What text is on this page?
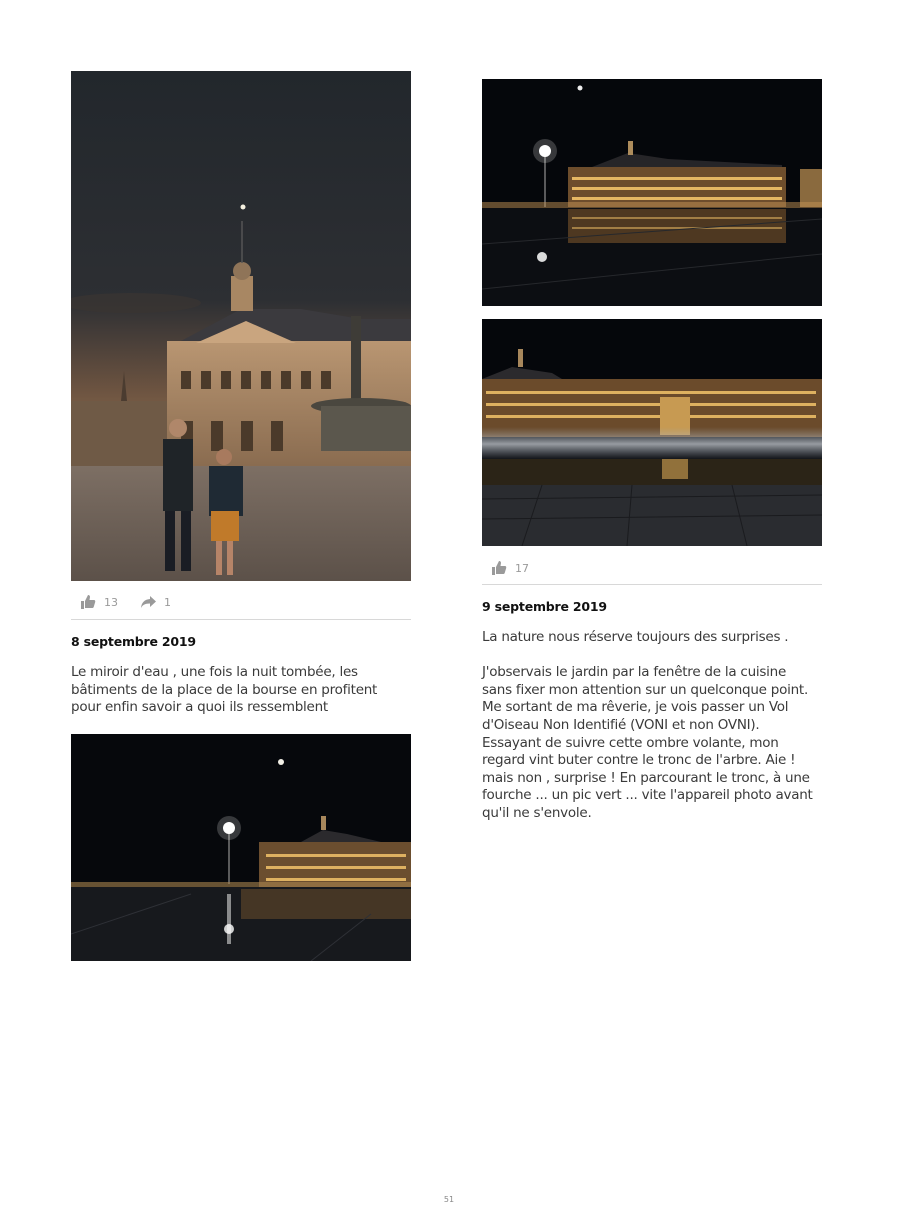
13	1
8 septembre 2019

Le miroir d'eau , une fois la nuit tombée, les

bâtiments de la place de la bourse en profitent

pour enfin savoir a quoi ils ressemblent

17
9 septembre 2019

La nature nous réserve toujours des surprises .

J'observais le jardin par la fenêtre de la cuisine

sans fixer mon attention sur un quelconque point.

Me sortant de ma rêverie, je vois passer un Vol

d'Oiseau Non Identifié (VONI et non OVNI).

Essayant de suivre cette ombre volante, mon

regard vint buter contre le tronc de l'arbre. Aie !

mais non , surprise ! En parcourant le tronc, à une

fourche ... un pic vert ... vite l'appareil photo avant

qu'il ne s'envole.

51
